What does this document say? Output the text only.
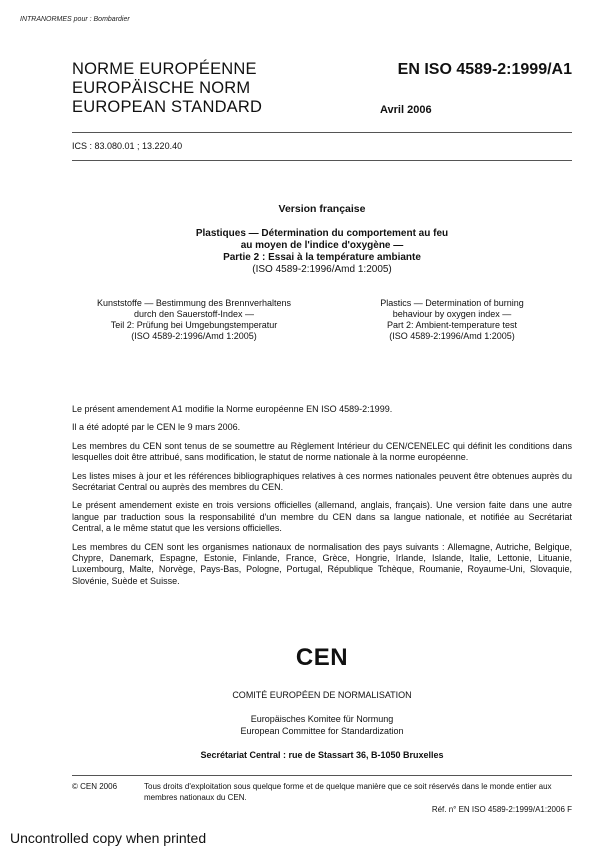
INTRANORMES pour : Bombardier
NORME EUROPÉENNE
EUROPÄISCHE NORM
EUROPEAN STANDARD
EN ISO 4589-2:1999/A1
Avril 2006
ICS : 83.080.01 ; 13.220.40
Version française
Plastiques — Détermination du comportement au feu
au moyen de l'indice d'oxygène —
Partie 2 : Essai à la température ambiante
(ISO 4589-2:1996/Amd 1:2005)
Kunststoffe — Bestimmung des Brennverhaltens
durch den Sauerstoff-Index —
Teil 2: Prüfung bei Umgebungstemperatur
(ISO 4589-2:1996/Amd 1:2005)
Plastics — Determination of burning
behaviour by oxygen index —
Part 2: Ambient-temperature test
(ISO 4589-2:1996/Amd 1:2005)

Le présent amendement A1 modifie la Norme européenne EN ISO 4589-2:1999.

Il a été adopté par le CEN le 9 mars 2006.

Les membres du CEN sont tenus de se soumettre au Règlement Intérieur du CEN/CENELEC qui définit les conditions dans lesquelles doit être attribué, sans modification, le statut de norme nationale à la norme européenne.

Les listes mises à jour et les références bibliographiques relatives à ces normes nationales peuvent être obtenues auprès du Secrétariat Central ou auprès des membres du CEN.

Le présent amendement existe en trois versions officielles (allemand, anglais, français). Une version faite dans une autre langue par traduction sous la responsabilité d'un membre du CEN dans sa langue nationale, et notifiée au Secrétariat Central, a le même statut que les versions officielles.

Les membres du CEN sont les organismes nationaux de normalisation des pays suivants : Allemagne, Autriche, Belgique, Chypre, Danemark, Espagne, Estonie, Finlande, France, Grèce, Hongrie, Irlande, Islande, Italie, Lettonie, Lituanie, Luxembourg, Malte, Norvège, Pays-Bas, Pologne, Portugal, République Tchèque, Roumanie, Royaume-Uni, Slovaquie, Slovénie, Suède et Suisse.

CEN
COMITÉ EUROPÉEN DE NORMALISATION
Europäisches Komitee für Normung
European Committee for Standardization
Secrétariat Central : rue de Stassart 36, B-1050 Bruxelles
© CEN 2006	Tous droits d'exploitation sous quelque forme et de quelque manière que ce soit réservés dans le monde entier aux membres nationaux du CEN.
Réf. n° EN ISO 4589-2:1999/A1:2006 F
Uncontrolled copy when printed
